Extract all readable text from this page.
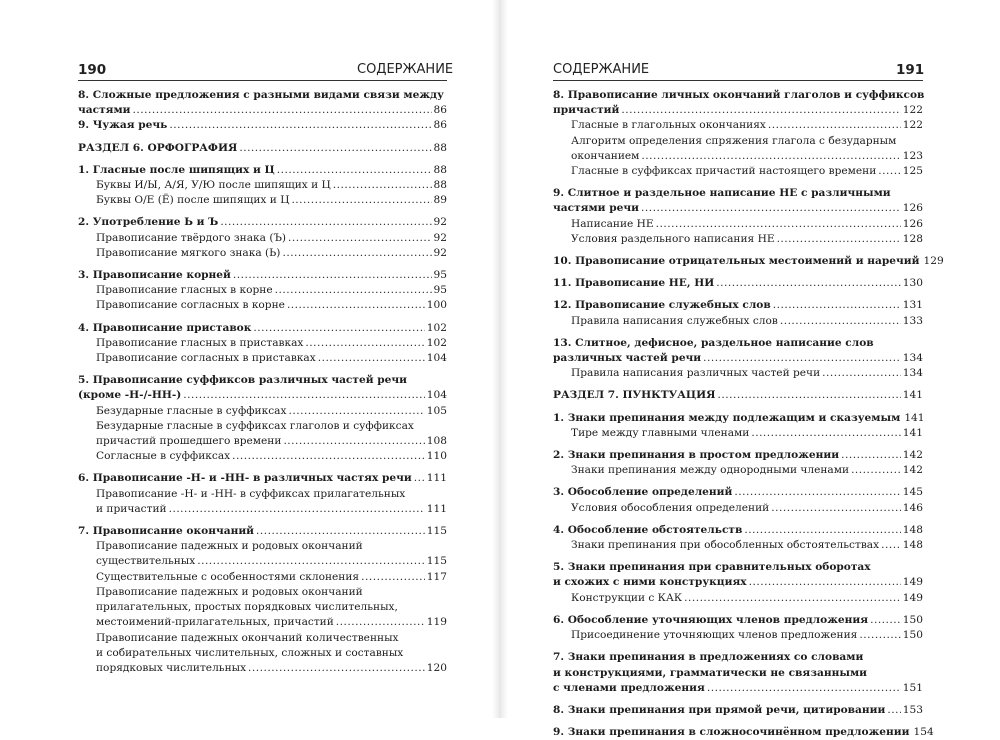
190	СОДЕРЖАНИЕ
8. Сложные предложения с разными видами связи между
частями .....	86
9. Чужая речь .....	86
РАЗДЕЛ 6. ОРФОГРАФИЯ .....	88
1. Гласные после шипящих и Ц .....	88
Буквы И/Ы, А/Я, У/Ю после шипящих и Ц .....	88
Буквы О/Е (Ё) после шипящих и Ц .....	89
2. Употребление Ь и Ъ .....	92
Правописание твёрдого знака (Ъ) .....	92
Правописание мягкого знака (Ь) .....	92
3. Правописание корней .....	95
Правописание гласных в корне .....	95
Правописание согласных в корне .....	100
4. Правописание приставок .....	102
Правописание гласных в приставках .....	102
Правописание согласных в приставках .....	104
5. Правописание суффиксов различных частей речи
(кроме -Н-/-НН-) .....	104
Безударные гласные в суффиксах .....	105
Безударные гласные в суффиксах глаголов и суффиксах
причастий прошедшего времени .....	108
Согласные в суффиксах .....	110
6. Правописание -Н- и -НН- в различных частях речи ..... 111
Правописание -Н- и -НН- в суффиксах прилагательных
и причастий .....	111
7. Правописание окончаний .....	115
Правописание падежных и родовых окончаний
существительных .....	115
Существительные с особенностями склонения .....	117
Правописание падежных и родовых окончаний
прилагательных, простых порядковых числительных,
местоимений-прилагательных, причастий .....	119
Правописание падежных окончаний количественных
и собирательных числительных, сложных и составных
порядковых числительных .....	120
СОДЕРЖАНИЕ	191
8. Правописание личных окончаний глаголов и суффиксов
причастий .....	122
Гласные в глагольных окончаниях .....	122
Алгоритм определения спряжения глагола с безударным
окончанием .....	123
Гласные в суффиксах причастий настоящего времени ..... 125
9. Слитное и раздельное написание НЕ с различными
частями речи .....	126
Написание НЕ .....	126
Условия раздельного написания НЕ .....	128
10. Правописание отрицательных местоимений и наречий 129
11. Правописание НЕ, НИ .....	130
12. Правописание служебных слов .....	131
Правила написания служебных слов .....	133
13. Слитное, дефисное, раздельное написание слов
различных частей речи .....	134
Правила написания различных частей речи .....	134
РАЗДЕЛ 7. ПУНКТУАЦИЯ .....	141
1. Знаки препинания между подлежащим и сказуемым 141
Тире между главными членами .....	141
2. Знаки препинания в простом предложении .....	142
Знаки препинания между однородными членами .....	142
3. Обособление определений .....	145
Условия обособления определений .....	146
4. Обособление обстоятельств .....	148
Знаки препинания при обособленных обстоятельствах ..... 148
5. Знаки препинания при сравнительных оборотах
и схожих с ними конструкциях .....	149
Конструкции с КАК .....	149
6. Обособление уточняющих членов предложения .....	150
Присоединение уточняющих членов предложения .....	150
7. Знаки препинания в предложениях со словами
и конструкциями, грамматически не связанными
с членами предложения .....	151
8. Знаки препинания при прямой речи, цитировании ..... 153
9. Знаки препинания в сложносочинённом предложении 154
